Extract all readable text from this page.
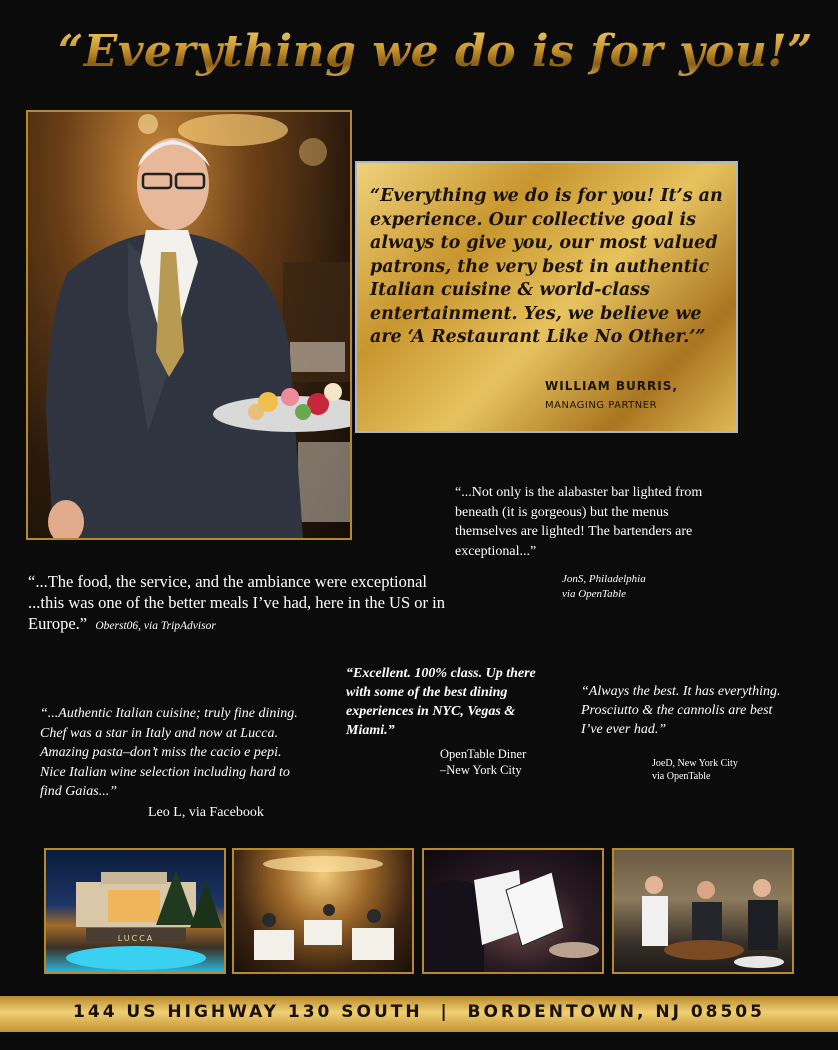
“Everything we do is for you!”
“Everything we do is for you! It’s an experience. Our collective goal is always to give you, our most valued patrons, the very best in authentic Italian cuisine & world-class entertainment. Yes, we believe we are ‘A Restaurant Like No Other.’”
WILLIAM BURRIS,
MANAGING PARTNER
“...Not only is the alabaster bar lighted from beneath (it is gorgeous) but the menus themselves are lighted! The bartenders are exceptional...”
JonS, Philadelphia
via OpenTable
“...The food, the service, and the ambiance were exceptional ...this was one of the better meals I’ve had, here in the US or in Europe.” Oberst06, via TripAdvisor
“Excellent. 100% class. Up there with some of the best dining experiences in NYC, Vegas & Miami.”
OpenTable Diner
–New York City
“Always the best. It has everything. Prosciutto & the cannolis are best I’ve ever had.”
JoeD, New York City
via OpenTable
“...Authentic Italian cuisine; truly fine dining. Chef was a star in Italy and now at Lucca. Amazing pasta–don’t miss the cacio e pepi. Nice Italian wine selection including hard to find Gaias...”
Leo L, via Facebook
LUCCA
144 US HIGHWAY 130 SOUTH  |  BORDENTOWN, NJ 08505
